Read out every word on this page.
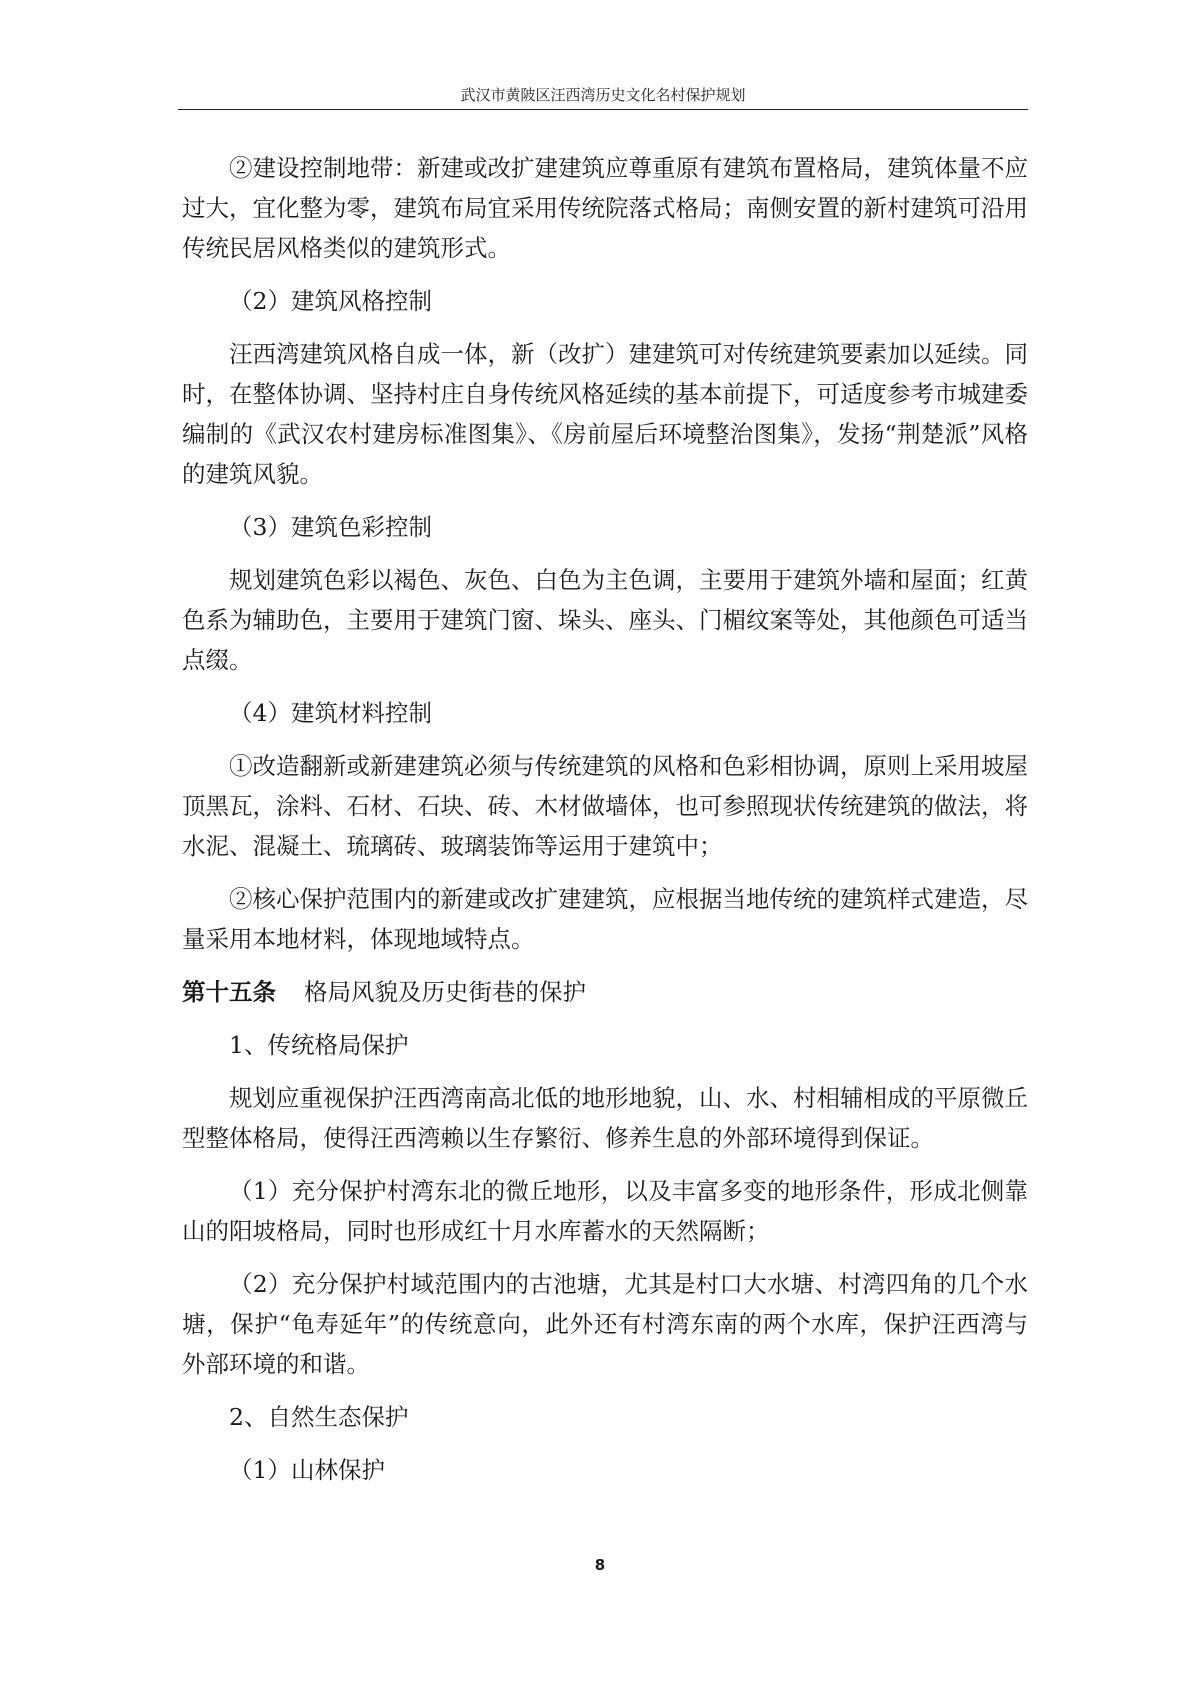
武汉市黄陂区汪西湾历史文化名村保护规划

②建设控制地带：新建或改扩建建筑应尊重原有建筑布置格局，建筑体量不应过大，宜化整为零，建筑布局宜采用传统院落式格局；南侧安置的新村建筑可沿用传统民居风格类似的建筑形式。

（2）建筑风格控制

汪西湾建筑风格自成一体，新（改扩）建建筑可对传统建筑要素加以延续。同时，在整体协调、坚持村庄自身传统风格延续的基本前提下，可适度参考市城建委编制的《武汉农村建房标准图集》、《房前屋后环境整治图集》，发扬“荆楚派”风格的建筑风貌。

（3）建筑色彩控制

规划建筑色彩以褐色、灰色、白色为主色调，主要用于建筑外墙和屋面；红黄色系为辅助色，主要用于建筑门窗、垛头、座头、门楣纹案等处，其他颜色可适当点缀。

（4）建筑材料控制

①改造翻新或新建建筑必须与传统建筑的风格和色彩相协调，原则上采用坡屋顶黑瓦，涂料、石材、石块、砖、木材做墙体，也可参照现状传统建筑的做法，将水泥、混凝土、琉璃砖、玻璃装饰等运用于建筑中；

②核心保护范围内的新建或改扩建建筑，应根据当地传统的建筑样式建造，尽量采用本地材料，体现地域特点。

第十五条 格局风貌及历史街巷的保护

1、传统格局保护

规划应重视保护汪西湾南高北低的地形地貌，山、水、村相辅相成的平原微丘型整体格局，使得汪西湾赖以生存繁衍、修养生息的外部环境得到保证。

（1）充分保护村湾东北的微丘地形，以及丰富多变的地形条件，形成北侧靠山的阳坡格局，同时也形成红十月水库蓄水的天然隔断；

（2）充分保护村域范围内的古池塘，尤其是村口大水塘、村湾四角的几个水塘，保护“龟寿延年”的传统意向，此外还有村湾东南的两个水库，保护汪西湾与外部环境的和谐。

2、自然生态保护

（1）山林保护

8
